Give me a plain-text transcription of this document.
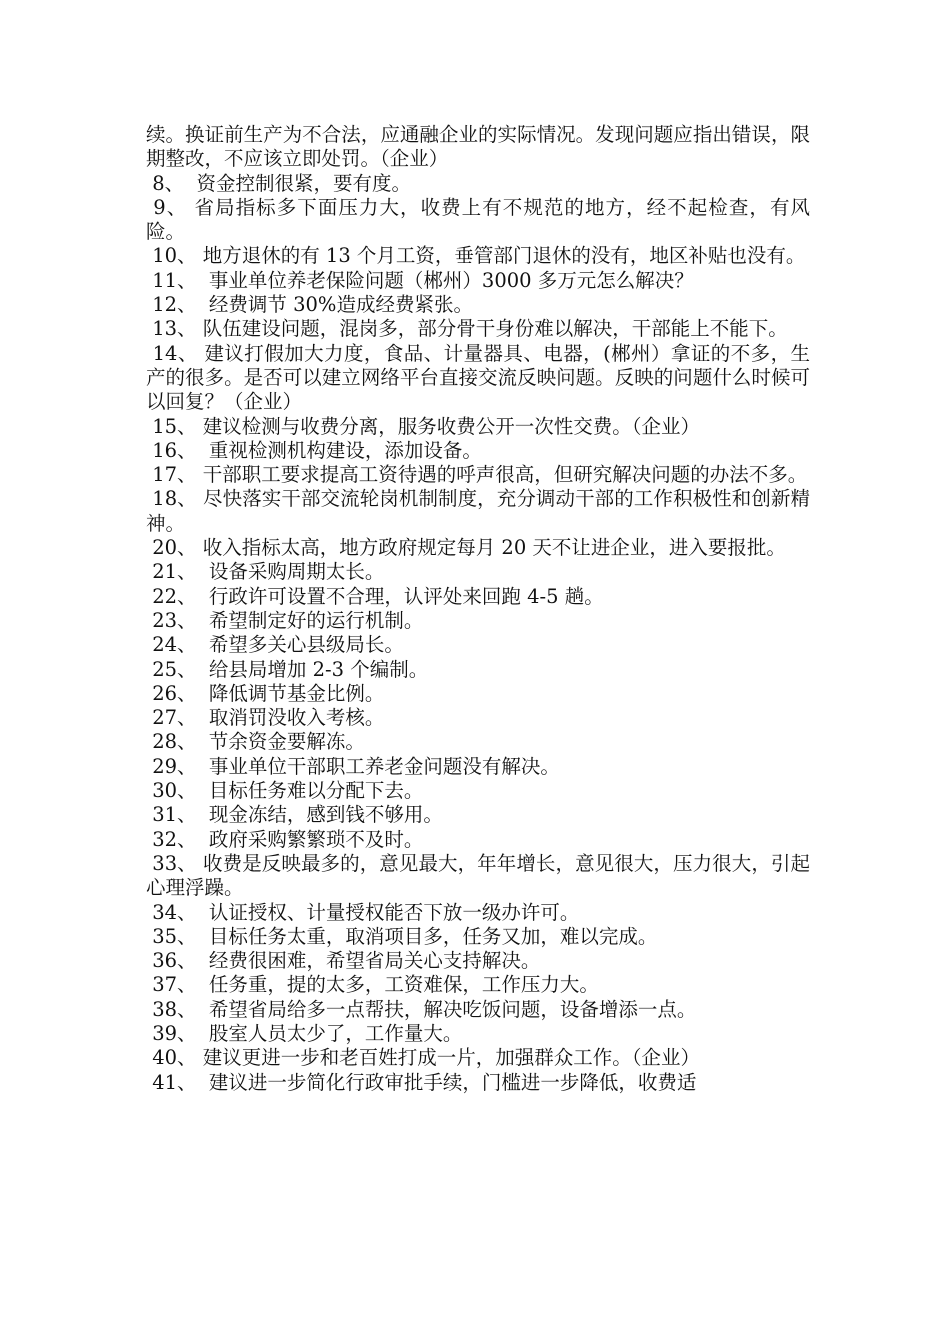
续。换证前生产为不合法，应通融企业的实际情况。发现问题应指出错误，限期整改，不应该立即处罚。（企业）

8、  资金控制很紧，要有度。

9、 省局指标多下面压力大，收费上有不规范的地方，经不起检查，有风险。

10、 地方退休的有 13 个月工资，垂管部门退休的没有，地区补贴也没有。

11、  事业单位养老保险问题（郴州）3000 多万元怎么解决？

12、  经费调节 30%造成经费紧张。

13、 队伍建设问题，混岗多，部分骨干身份难以解决，干部能上不能下。

14、 建议打假加大力度，食品、计量器具、电器，(郴州）拿证的不多，生产的很多。是否可以建立网络平台直接交流反映问题。反映的问题什么时候可以回复？（企业）

15、 建议检测与收费分离，服务收费公开一次性交费。（企业）

16、  重视检测机构建设，添加设备。

17、 干部职工要求提高工资待遇的呼声很高，但研究解决问题的办法不多。

18、 尽快落实干部交流轮岗机制制度，充分调动干部的工作积极性和创新精神。

20、 收入指标太高，地方政府规定每月 20 天不让进企业，进入要报批。

21、  设备采购周期太长。

22、  行政许可设置不合理，认评处来回跑 4-5 趟。

23、  希望制定好的运行机制。

24、  希望多关心县级局长。

25、  给县局增加 2-3 个编制。

26、  降低调节基金比例。

27、  取消罚没收入考核。

28、  节余资金要解冻。

29、  事业单位干部职工养老金问题没有解决。

30、  目标任务难以分配下去。

31、  现金冻结，感到钱不够用。

32、  政府采购繁繁琐不及时。

33、 收费是反映最多的，意见最大，年年增长，意见很大，压力很大，引起心理浮躁。

34、  认证授权、计量授权能否下放一级办许可。

35、  目标任务太重，取消项目多，任务又加，难以完成。

36、  经费很困难，希望省局关心支持解决。

37、  任务重，提的太多，工资难保，工作压力大。

38、  希望省局给多一点帮扶，解决吃饭问题，设备增添一点。

39、  股室人员太少了，工作量大。

40、 建议更进一步和老百姓打成一片，加强群众工作。（企业）

41、  建议进一步简化行政审批手续，门槛进一步降低，收费适
